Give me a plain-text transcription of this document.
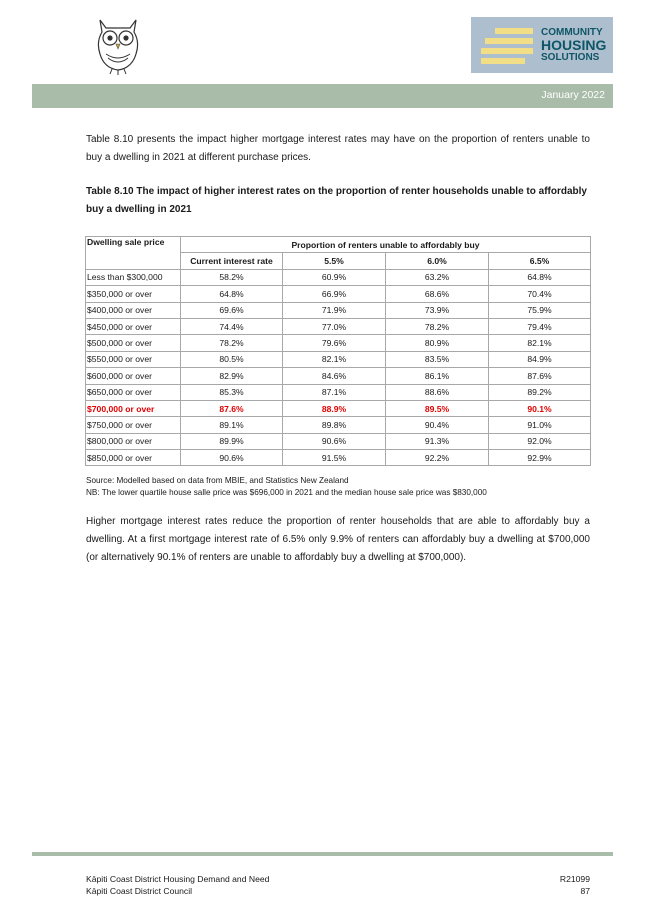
COMMUNITY
HOUSING
SOLUTIONS
January 2022
Table 8.10 presents the impact higher mortgage interest rates may have on the proportion of renters unable to buy a dwelling in 2021 at different purchase prices.
Table 8.10 The impact of higher interest rates on the proportion of renter households unable to affordably buy a dwelling in 2021
Dwelling sale price	Proportion of renters unable to affordably buy			
	Current interest rate	5.5%	6.0%	6.5%
Less than $300,000	58.2%	60.9%	63.2%	64.8%
$350,000 or over	64.8%	66.9%	68.6%	70.4%
$400,000 or over	69.6%	71.9%	73.9%	75.9%
$450,000 or over	74.4%	77.0%	78.2%	79.4%
$500,000 or over	78.2%	79.6%	80.9%	82.1%
$550,000 or over	80.5%	82.1%	83.5%	84.9%
$600,000 or over	82.9%	84.6%	86.1%	87.6%
$650,000 or over	85.3%	87.1%	88.6%	89.2%
$700,000 or over	87.6%	88.9%	89.5%	90.1%
$750,000 or over	89.1%	89.8%	90.4%	91.0%
$800,000 or over	89.9%	90.6%	91.3%	92.0%
$850,000 or over	90.6%	91.5%	92.2%	92.9%
Source: Modelled based on data from MBIE, and Statistics New Zealand
NB: The lower quartile house salle price was $696,000 in 2021 and the median house sale price was $830,000
Higher mortgage interest rates reduce the proportion of renter households that are able to affordably buy a dwelling. At a first mortgage interest rate of 6.5% only 9.9% of renters can affordably buy a dwelling at $700,000 (or alternatively 90.1% of renters are unable to affordably buy a dwelling at $700,000).
Kāpiti Coast District Housing Demand and Need
Kāpiti Coast District Council
R21099
87
